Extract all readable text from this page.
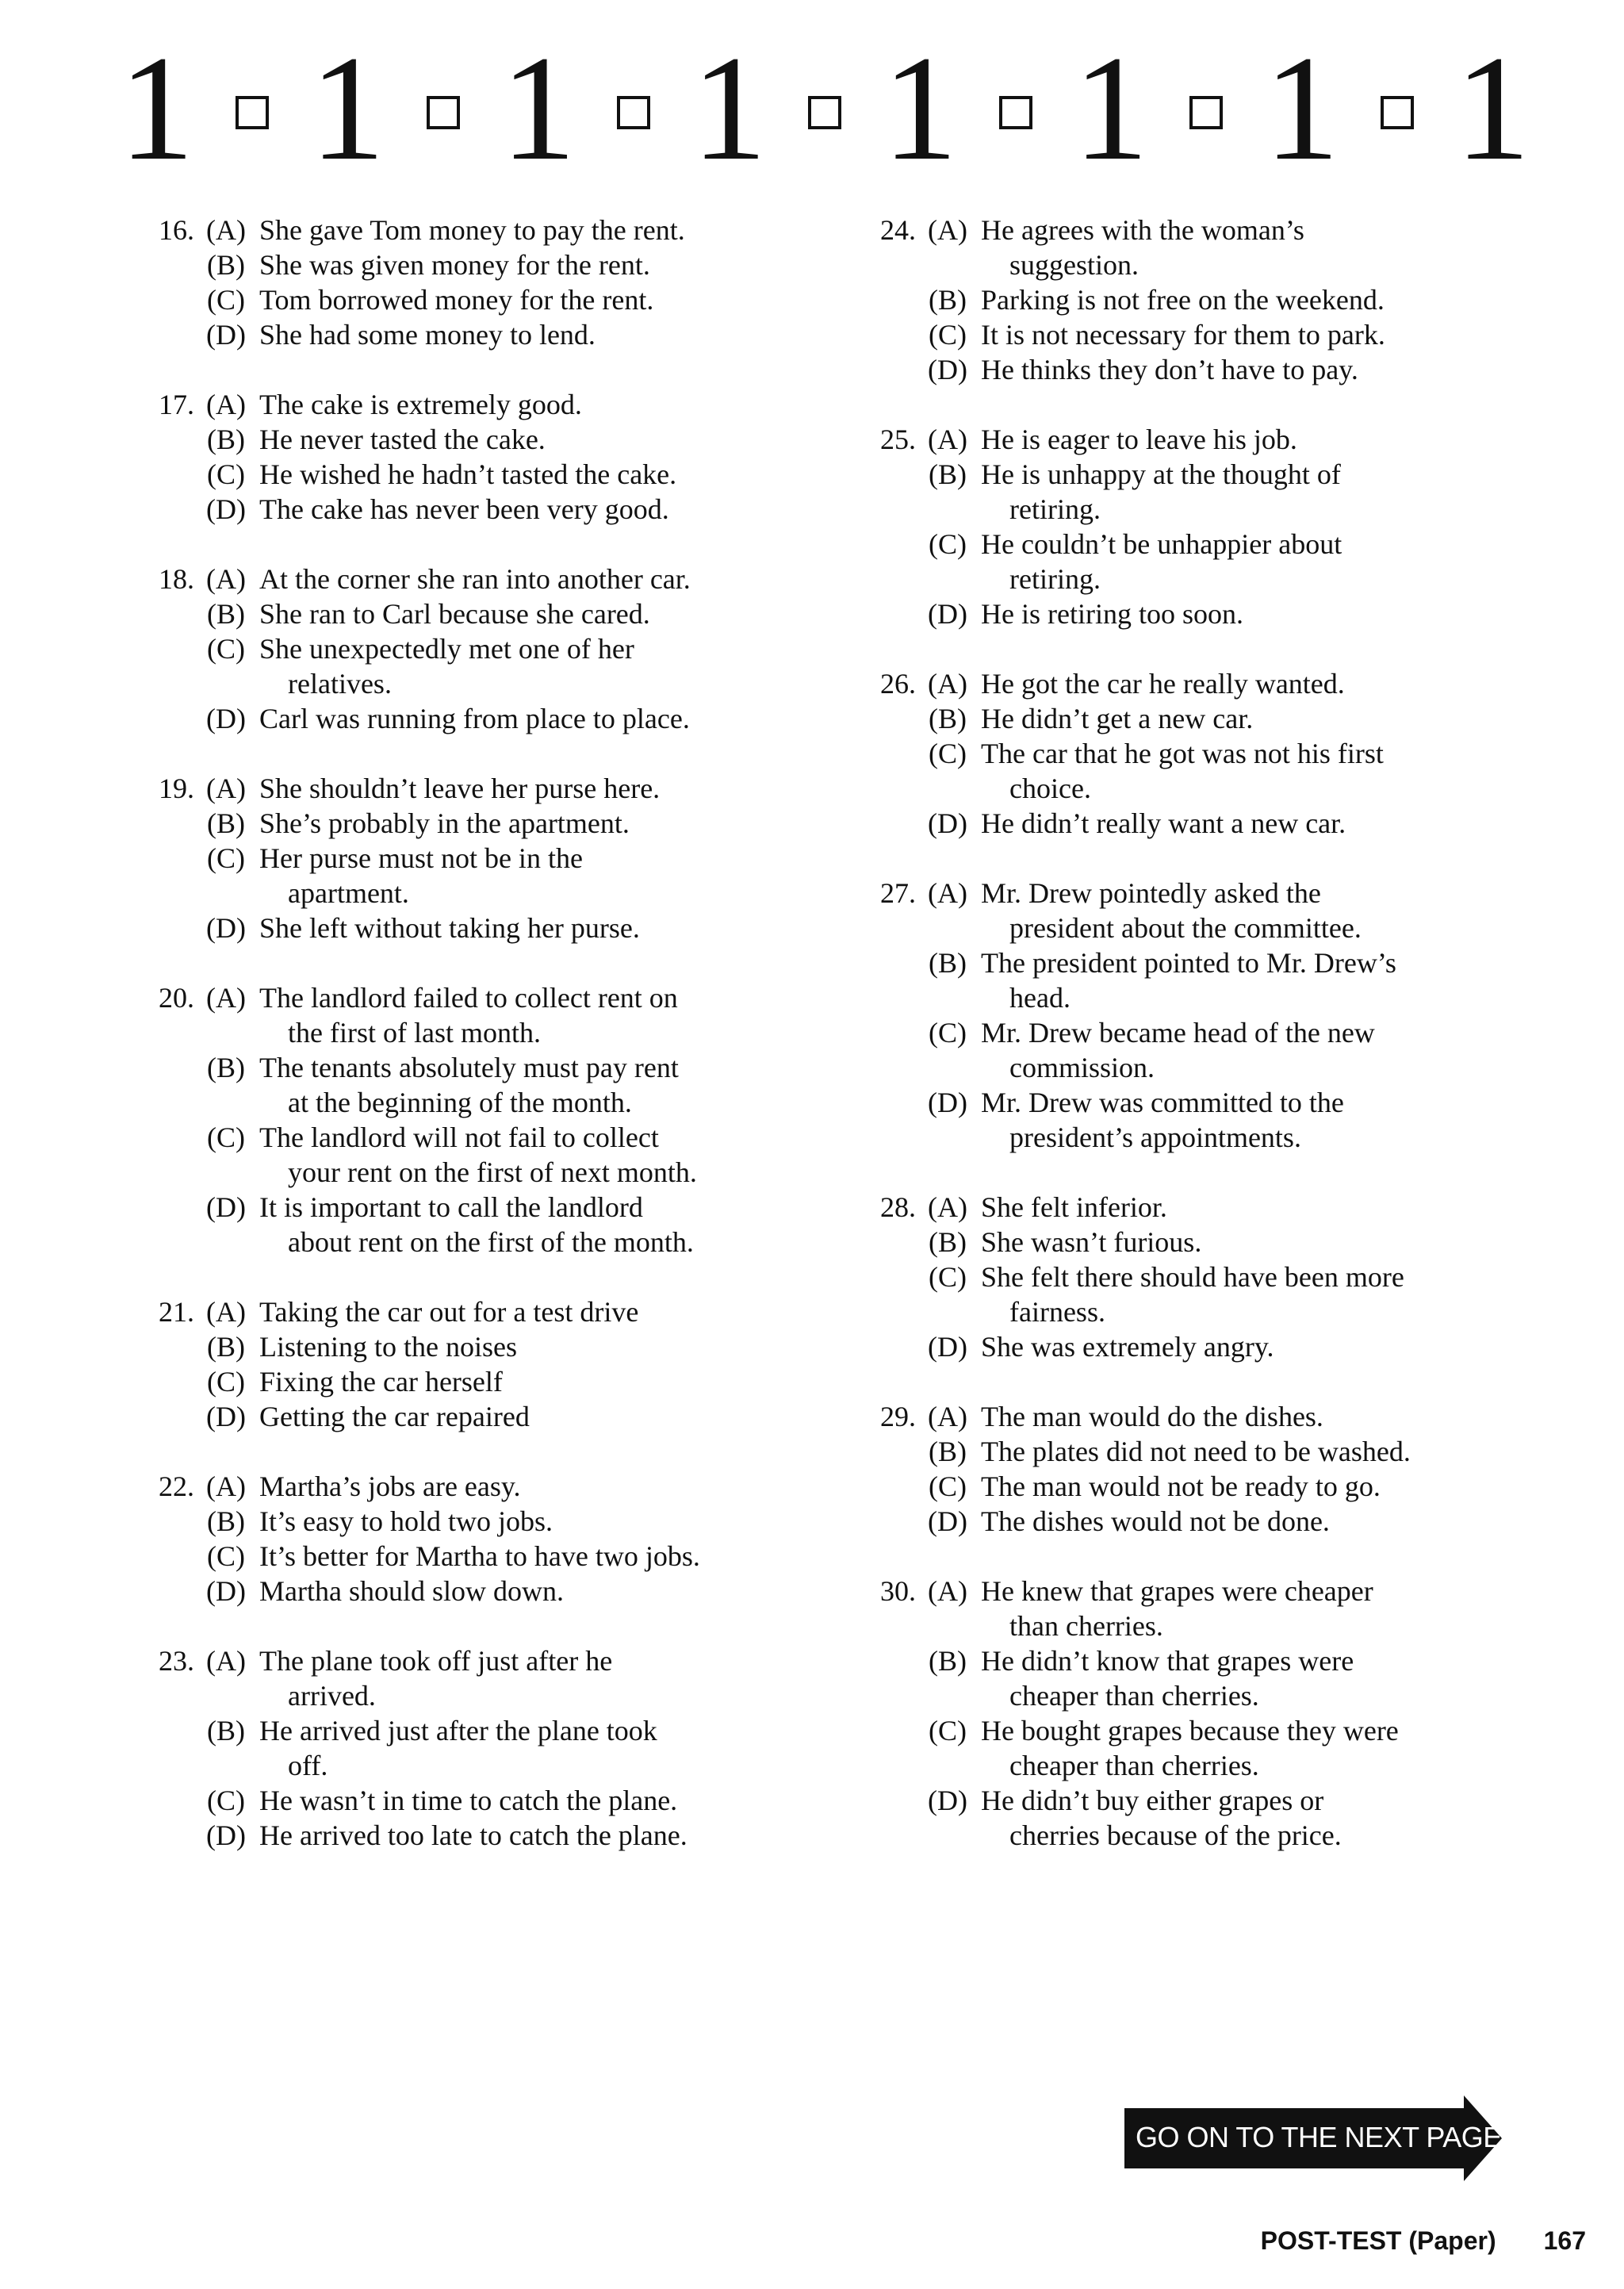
1 1 1 1 1 1 1 1
16. (A) She gave Tom money to pay the rent.
(B) She was given money for the rent.
(C) Tom borrowed money for the rent.
(D) She had some money to lend.
17. (A) The cake is extremely good.
(B) He never tasted the cake.
(C) He wished he hadn’t tasted the cake.
(D) The cake has never been very good.
18. (A) At the corner she ran into another car.
(B) She ran to Carl because she cared.
(C) She unexpectedly met one of her
relatives.
(D) Carl was running from place to place.
19. (A) She shouldn’t leave her purse here.
(B) She’s probably in the apartment.
(C) Her purse must not be in the
apartment.
(D) She left without taking her purse.
20. (A) The landlord failed to collect rent on
the first of last month.
(B) The tenants absolutely must pay rent
at the beginning of the month.
(C) The landlord will not fail to collect
your rent on the first of next month.
(D) It is important to call the landlord
about rent on the first of the month.
21. (A) Taking the car out for a test drive
(B) Listening to the noises
(C) Fixing the car herself
(D) Getting the car repaired
22. (A) Martha’s jobs are easy.
(B) It’s easy to hold two jobs.
(C) It’s better for Martha to have two jobs.
(D) Martha should slow down.
23. (A) The plane took off just after he
arrived.
(B) He arrived just after the plane took
off.
(C) He wasn’t in time to catch the plane.
(D) He arrived too late to catch the plane.
24. (A) He agrees with the woman’s
suggestion.
(B) Parking is not free on the weekend.
(C) It is not necessary for them to park.
(D) He thinks they don’t have to pay.
25. (A) He is eager to leave his job.
(B) He is unhappy at the thought of
retiring.
(C) He couldn’t be unhappier about
retiring.
(D) He is retiring too soon.
26. (A) He got the car he really wanted.
(B) He didn’t get a new car.
(C) The car that he got was not his first
choice.
(D) He didn’t really want a new car.
27. (A) Mr. Drew pointedly asked the
president about the committee.
(B) The president pointed to Mr. Drew’s
head.
(C) Mr. Drew became head of the new
commission.
(D) Mr. Drew was committed to the
president’s appointments.
28. (A) She felt inferior.
(B) She wasn’t furious.
(C) She felt there should have been more
fairness.
(D) She was extremely angry.
29. (A) The man would do the dishes.
(B) The plates did not need to be washed.
(C) The man would not be ready to go.
(D) The dishes would not be done.
30. (A) He knew that grapes were cheaper
than cherries.
(B) He didn’t know that grapes were
cheaper than cherries.
(C) He bought grapes because they were
cheaper than cherries.
(D) He didn’t buy either grapes or
cherries because of the price.
GO ON TO THE NEXT PAGE
POST-TEST (Paper) 167
